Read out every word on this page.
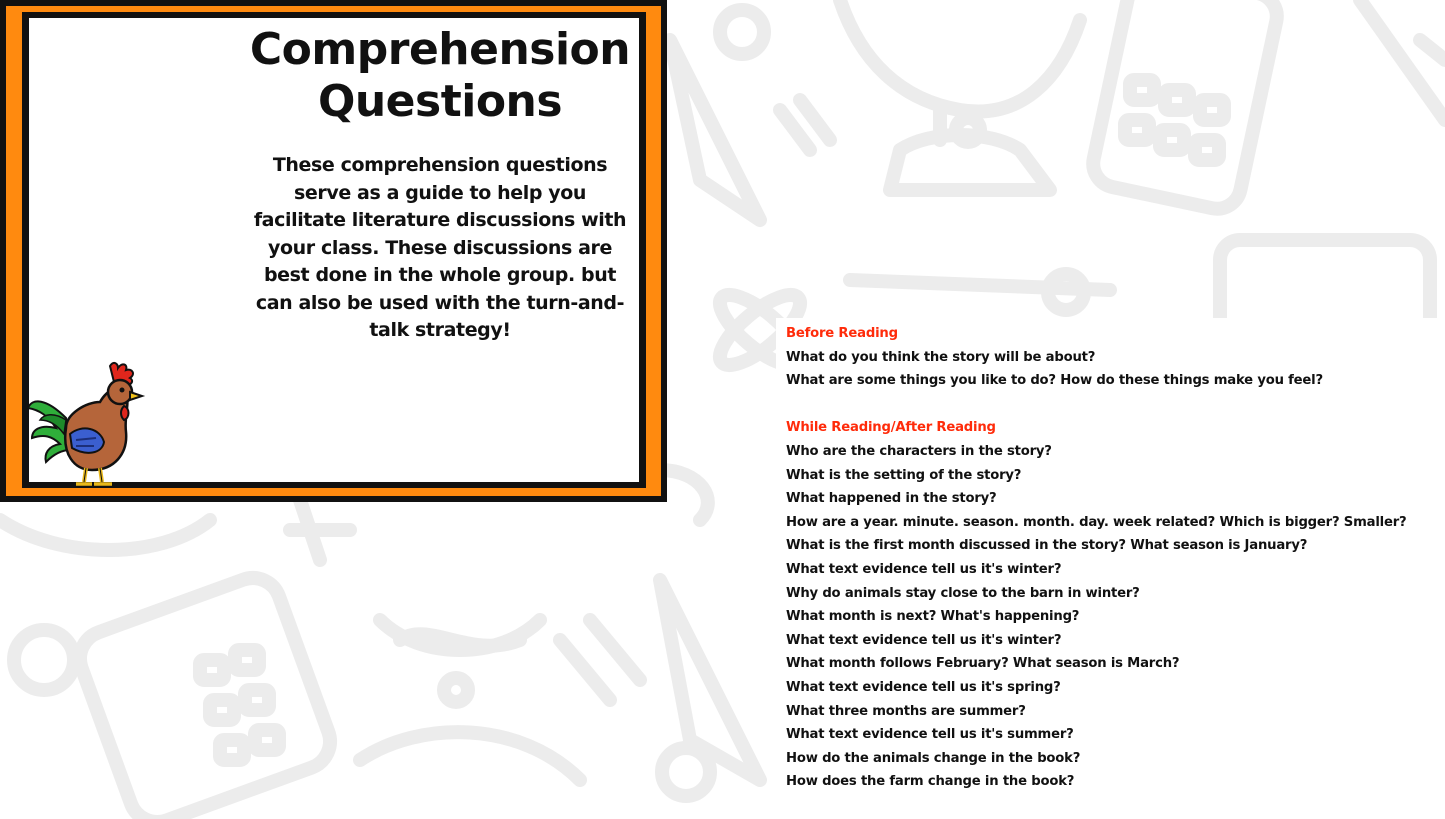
Comprehension
Questions

These comprehension questions serve as a guide to help you facilitate literature discussions with your class. These discussions are best done in the whole group. but can also be used with the turn-and-talk strategy!	Before Reading
What do you think the story will be about?
What are some things you like to do? How do these things make you feel?
While Reading/After Reading
Who are the characters in the story?
What is the setting of the story?
What happened in the story?
How are a year. minute. season. month. day. week related? Which is bigger? Smaller?
What is the first month discussed in the story? What season is January?
What text evidence tell us it's winter?
Why do animals stay close to the barn in winter?
What month is next? What's happening?
What text evidence tell us it's winter?
What month follows February? What season is March?
What text evidence tell us it's spring?
What three months are summer?
What text evidence tell us it's summer?
How do the animals change in the book?
How does the farm change in the book?
